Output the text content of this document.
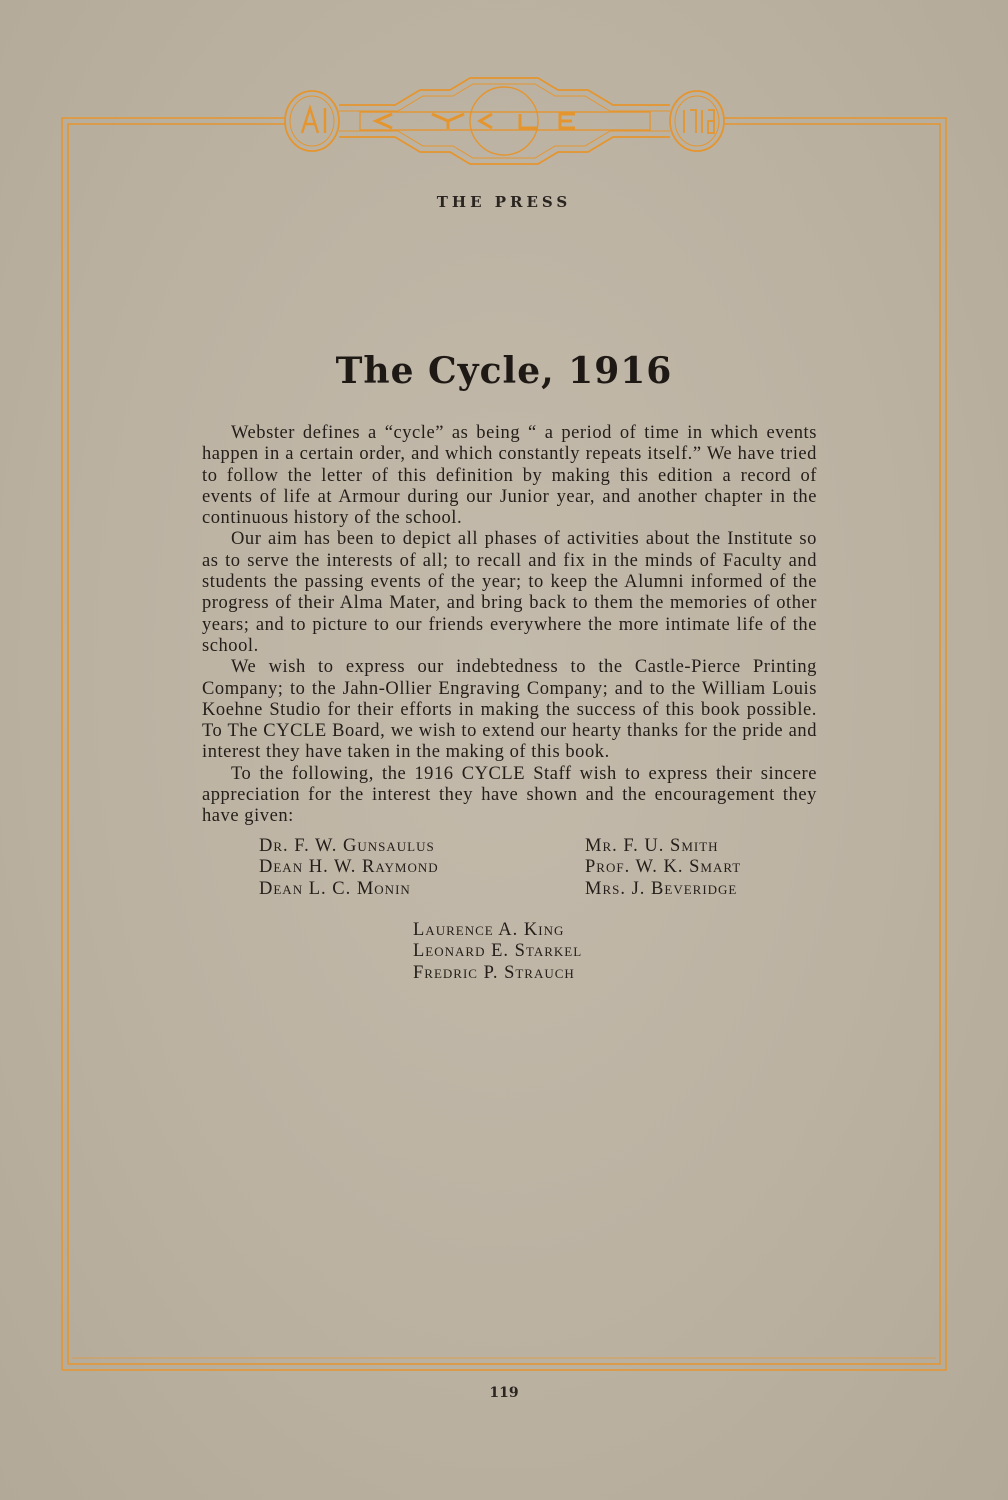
THE PRESS
The Cycle, 1916

Webster defines a “cycle” as being “ a period of time in which events happen in a certain order, and which constantly repeats itself.” We have tried to follow the letter of this definition by making this edition a record of events of life at Armour during our Junior year, and another chapter in the continuous history of the school.

Our aim has been to depict all phases of activities about the Institute so as to serve the interests of all; to recall and fix in the minds of Faculty and students the passing events of the year; to keep the Alumni informed of the progress of their Alma Mater, and bring back to them the memories of other years; and to picture to our friends everywhere the more intimate life of the school.

We wish to express our indebtedness to the Castle-Pierce Printing Company; to the Jahn-Ollier Engraving Company; and to the William Louis Koehne Studio for their efforts in making the success of this book possible. To The CYCLE Board, we wish to extend our hearty thanks for the pride and interest they have taken in the making of this book.

To the following, the 1916 CYCLE Staff wish to express their sincere appreciation for the interest they have shown and the encouragement they have given:

Dr. F. W. Gunsaulus
Dean H. W. Raymond
Dean L. C. Monin
Mr. F. U. Smith
Prof. W. K. Smart
Mrs. J. Beveridge
Laurence A. King
Leonard E. Starkel
Fredric P. Strauch
119
